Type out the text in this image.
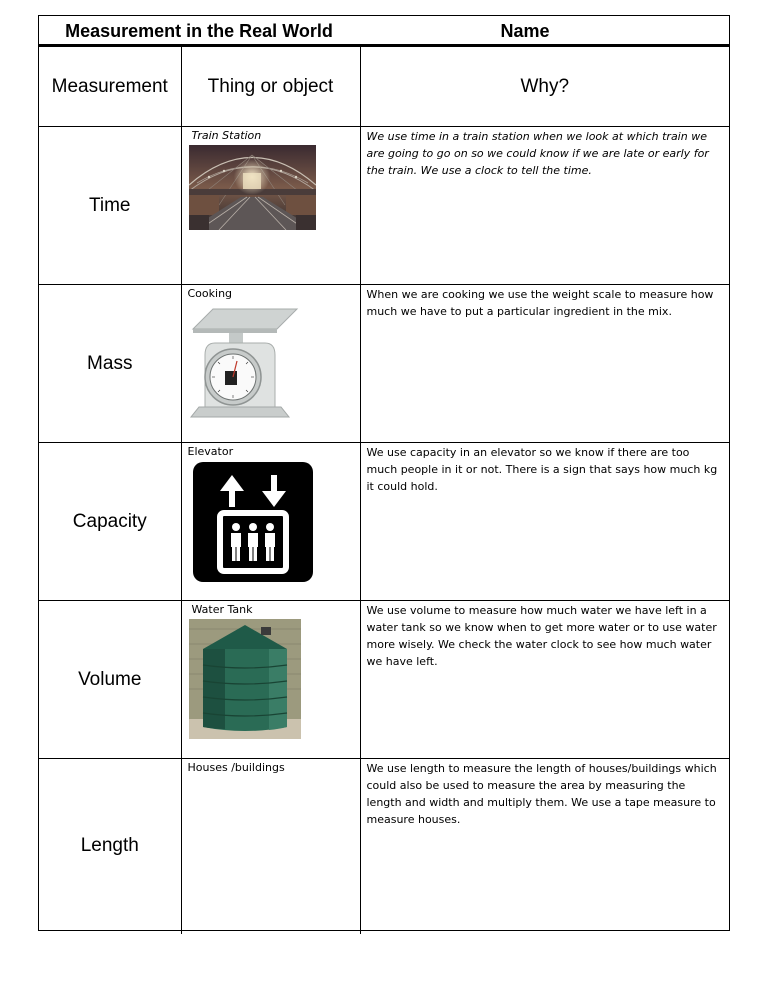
Measurement in the Real World	Name
Measurement	Thing or object	Why?
Time	Train Station	We use time in a train station when we look at which train we are going to go on so we could know if we are late or early for the train. We use a clock to tell the time.

Mass	Cooking	When we are cooking we use the weight scale to measure how much we have to put a particular ingredient in the mix.

Capacity	Elevator	We use capacity in an elevator so we know if there are too much people in it or not. There is a sign that says how much kg it could hold.

Volume	Water Tank	We use volume to measure how much water we have left in a water tank so we know when to get more water or to use water more wisely. We check the water clock to see how much water we have left.

Length	Houses /buildings	We use length to measure the length of houses/buildings which could also be used to measure the area by measuring the length and width and multiply them. We use a tape measure to measure houses.
